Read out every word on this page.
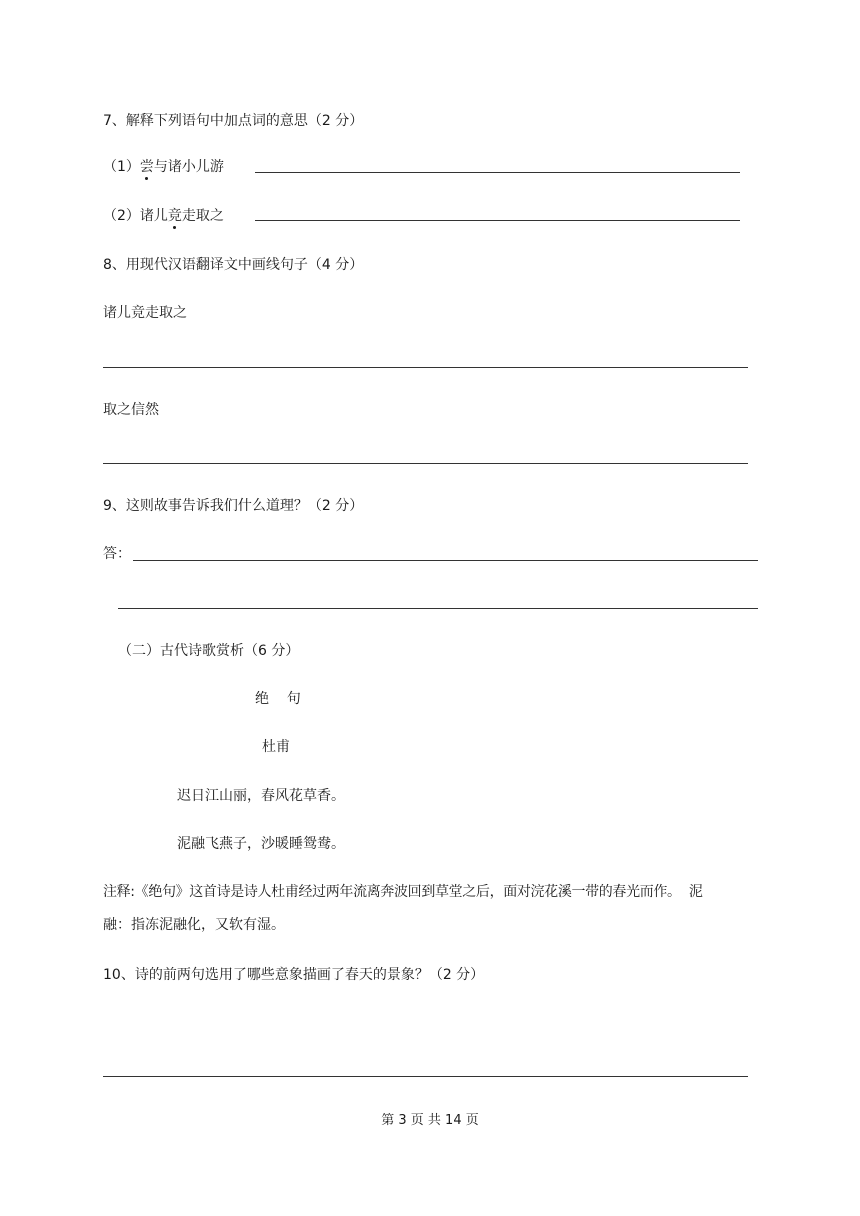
7、解释下列语句中加点词的意思（2 分）
（1）尝与诸小儿游
（2）诸儿竞走取之
8、用现代汉语翻译文中画线句子（4 分）
诸儿竞走取之
取之信然
9、这则故事告诉我们什么道理？（2 分）
答：
（二）古代诗歌赏析（6 分）
绝    句
杜甫
迟日江山丽，春风花草香。
泥融飞燕子，沙暖睡鸳鸯。
注释:《绝句》这首诗是诗人杜甫经过两年流离奔波回到草堂之后，面对浣花溪一带的春光而作。  泥
融：指冻泥融化，又软有湿。
10、诗的前两句选用了哪些意象描画了春天的景象？（2 分）
第 3 页 共 14 页
